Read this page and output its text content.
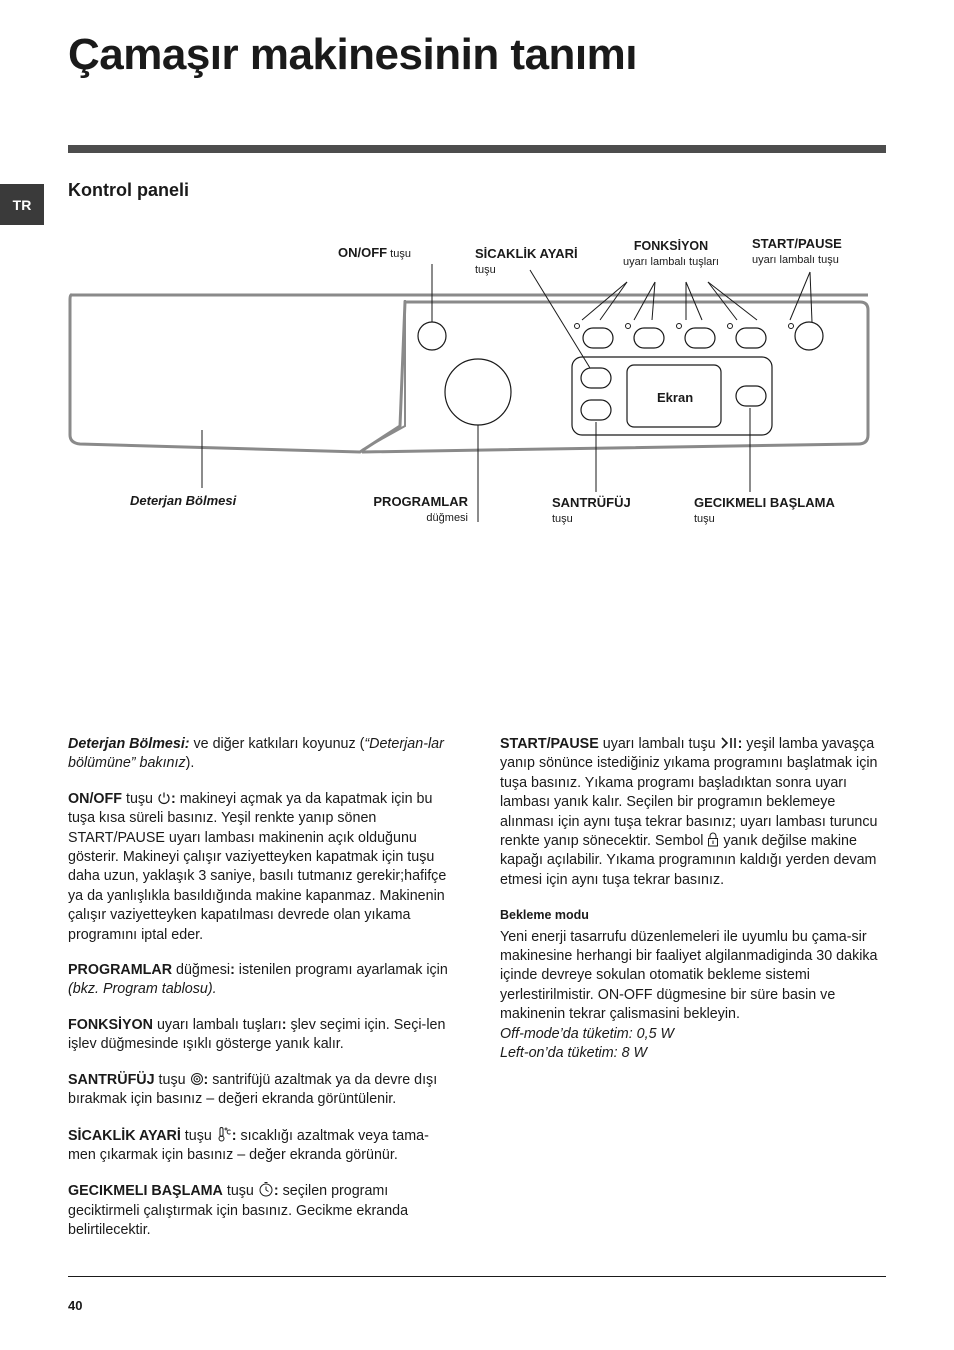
Çamaşır makinesinin tanımı
TR
Kontrol paneli
ON/OFF tuşu	SİCAKLİK AYARİ
tuşu
FONKSİYON
uyarı lambalı tuşları
START/PAUSE
uyarı lambalı tuşu
Ekran
Deterjan Bölmesi	PROGRAMLAR
düğmesi
SANTRÜFÜJ
tuşu
GECIKMELI BAŞLAMA
tuşu

Deterjan Bölmesi: ve diğer katkıları koyunuz (“Deterjan-lar bölümüne” bakınız).

ON/OFF tuşu : makineyi açmak ya da kapatmak için bu tuşa kısa süreli basınız. Yeşil renkte yanıp sönen START/PAUSE uyarı lambası makinenin açık olduğunu gösterir. Makineyi çalışır vaziyetteyken kapatmak için tuşu daha uzun, yaklaşık 3 saniye, basılı tutmanız gerekir;hafifçe ya da yanlışlıkla basıldığında makine kapanmaz. Makinenin çalışır vaziyetteyken kapatılması devrede olan yıkama programını iptal eder.

PROGRAMLAR düğmesi: istenilen programı ayarlamak için (bkz. Program tablosu).

FONKSİYON uyarı lambalı tuşları: şlev seçimi için. Seçi-len işlev düğmesinde ışıklı gösterge yanık kalır.

SANTRÜFÜJ tuşu : santrifüjü azaltmak ya da devre dışı bırakmak için basınız – değeri ekranda görüntülenir.

SİCAKLİK AYARİ tuşu : sıcaklığı azaltmak veya tama-men çıkarmak için basınız – değer ekranda görünür.

GECIKMELI BAŞLAMA tuşu : seçilen programı geciktirmeli çalıştırmak için basınız. Gecikme ekranda belirtilecektir.

START/PAUSE uyarı lambalı tuşu : yeşil lamba yavaşça yanıp sönünce istediğiniz yıkama programını başlatmak için tuşa basınız. Yıkama programı başladıktan sonra uyarı lambası yanık kalır. Seçilen bir programın beklemeye alınması için aynı tuşa tekrar basınız; uyarı lambası turuncu renkte yanıp sönecektir. Sembol  yanık değilse makine kapağı açılabilir. Yıkama programının kaldığı yerden devam etmesi için aynı tuşa tekrar basınız.

Bekleme modu

Yeni enerji tasarrufu düzenlemeleri ile uyumlu bu çama-sir makinesine herhangi bir faaliyet algilanmadiginda 30 dakika içinde devreye sokulan otomatik bekleme sistemi yerlestirilmistir. ON-OFF dügmesine bir süre basin ve makinenin tekrar çalismasini bekleyin.

Off-mode’da tüketim: 0,5 W
Left-on’da tüketim: 8 W
40
